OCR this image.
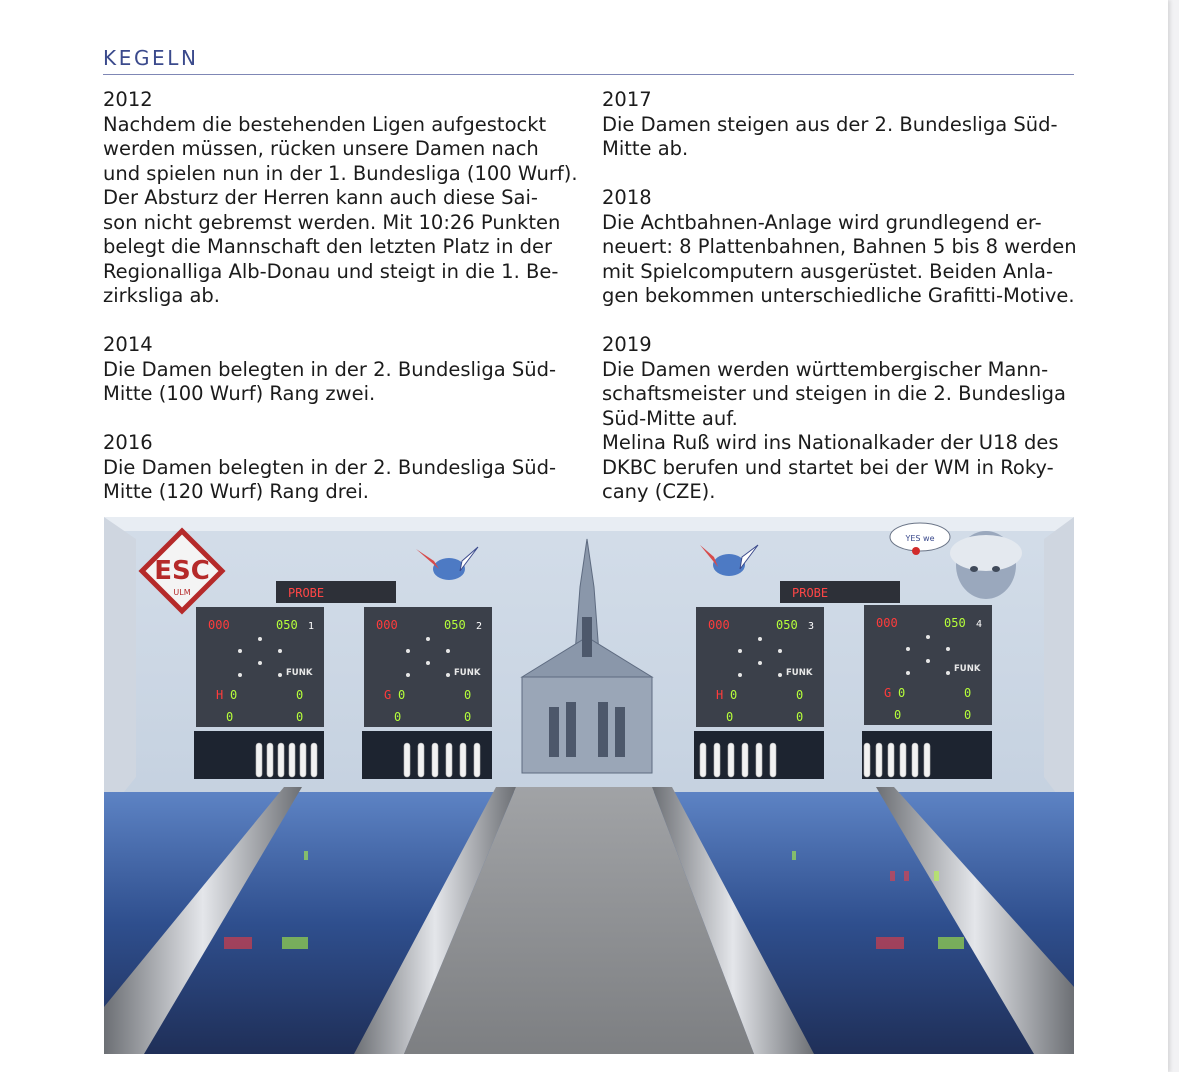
KEGELN
2012
Nachdem die bestehenden Ligen aufgestockt
werden müssen, rücken unsere Damen nach
und spielen nun in der 1. Bundesliga (100 Wurf).
Der Absturz der Herren kann auch diese Sai-
son nicht gebremst werden. Mit 10:26 Punkten
belegt die Mannschaft den letzten Platz in der
Regionalliga Alb-Donau und steigt in die 1. Be-
zirksliga ab.
2014
Die Damen belegten in der 2. Bundesliga Süd-
Mitte (100 Wurf) Rang zwei.
2016
Die Damen belegten in der 2. Bundesliga Süd-
Mitte (120 Wurf) Rang drei.
2017
Die Damen steigen aus der 2. Bundesliga Süd-
Mitte ab.
2018
Die Achtbahnen-Anlage wird grundlegend er-
neuert: 8 Plattenbahnen, Bahnen 5 bis 8 werden
mit Spielcomputern ausgerüstet. Beiden Anla-
gen bekommen unterschiedliche Grafitti-Motive.
2019
Die Damen werden württembergischer Mann-
schaftsmeister und steigen in die 2. Bundesliga
Süd-Mitte auf.
Melina Ruß wird ins Nationalkader der U18 des
DKBC berufen und startet bei der WM in Roky-
cany (CZE).
ESC
ULM
YES we
PROBE	PROBE
000	050 1
FUNK
H 0	0
0	0
000	050 2
FUNK
G 0	0
0	0
000	050 3
FUNK
H 0	0
0	0
000	050 4
FUNK
G 0	0
0	0
